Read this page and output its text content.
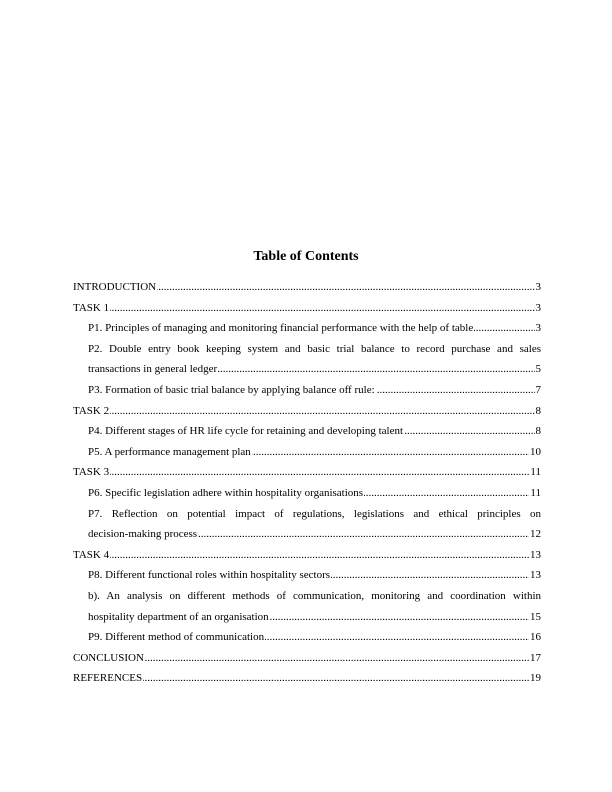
Table of Contents
.....
INTRODUCTION	3
.....
TASK 1	3
.....
P1. Principles of managing and monitoring financial performance with the help of table	3
P2. Double entry book keeping system and basic trial balance to record purchase and sales
.....
transactions in general ledger	5
.....
P3. Formation of basic trial balance by applying balance off rule:	7
.....
TASK 2	8
.....
P4. Different stages of HR life cycle for retaining and developing talent	8
.....
P5. A performance management plan	10
.....
TASK 3	11
.....
P6. Specific legislation adhere within hospitality organisations	11
P7. Reflection on potential impact of regulations, legislations and ethical principles on
.....
decision-making process	12
.....
TASK 4	13
.....
P8. Different functional roles within hospitality sectors	13
b). An analysis on different methods of communication, monitoring and coordination within
.....
hospitality department of an organisation	15
.....
P9. Different method of communication	16
.....
CONCLUSION	17
.....
REFERENCES	19
